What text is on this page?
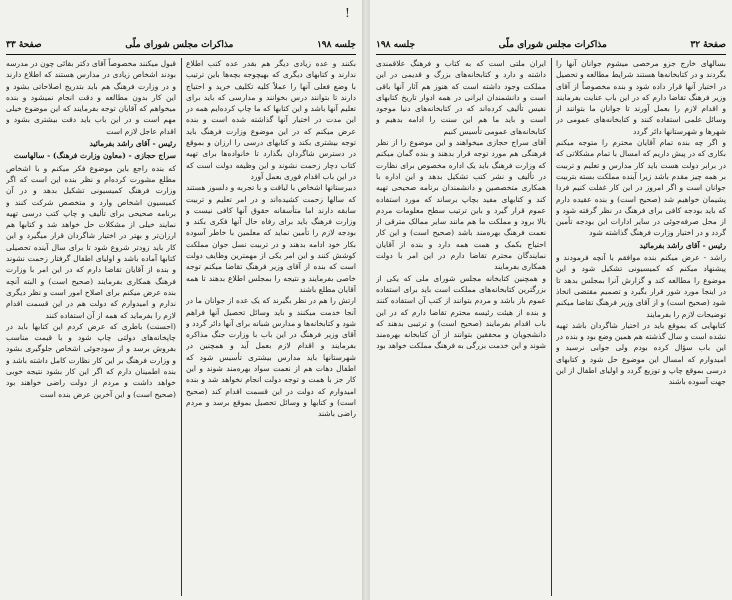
!
جلسه ۱۹۸
مذاکرات مجلس شورای ملّی
صفحهٔ ۳۳

بکنند و عده زیادی دیگر هم بقدر عده کتب اطلاع ندارند و کتابهای دیگری که بهیچوجه بچه‌ها باین ترتیب با وضع فعلی آنها را عملاً کلیه تکلیف خرید و احتیاج دارند تا بتوانند درس بخوانند و مدارسی که باید برای تعلیم آنها باشد و این کتابها که ما چاپ کرده‌ایم همه در این مدت در اختیار آنها گذاشته شده است و بنده عرض میکنم که در این موضوع وزارت فرهنگ باید توجه بیشتری بکند و کتابهای درسی را ارزان و بموقع در دسترس شاگردان بگذارد تا خانواده‌ها برای تهیه کتاب دچار زحمت نشوند و این وظیفه دولت است که در این باب اقدام فوری بعمل آورد

دبیرستانها اشخاص با لیاقت و با تجربه و دلسوز هستند که سالها زحمت کشیده‌اند و در امر تعلیم و تربیت سابقه دارند اما متأسفانه حقوق آنها کافی نیست و وزارت فرهنگ باید برای رفاه حال آنها فکری بکند و بودجه لازم را تأمین نماید که معلمین با خاطر آسوده بکار خود ادامه بدهند و در تربیت نسل جوان مملکت کوشش کنند و این امر یکی از مهمترین وظایف دولت است که بنده از آقای وزیر فرهنگ تقاضا میکنم توجه خاصی بفرمایند و نتیجه را بمجلس اطلاع بدهند تا همه آقایان مطلع باشند

ارتش را هم در نظر بگیرند که یک عده از جوانان ما در آنجا خدمت میکنند و باید وسائل تحصیل آنها فراهم شود و کتابخانه‌ها و مدارس شبانه برای آنها دائر گردد و آقای وزیر فرهنگ در این باب با وزارت جنگ مذاکره بفرمایند و اقدام لازم بعمل آید و همچنین در شهرستانها باید مدارس بیشتری تأسیس شود که اطفال دهات هم از نعمت سواد بهره‌مند شوند و این کار جز با همت و توجه دولت انجام نخواهد شد و بنده امیدوارم که دولت در این قسمت اقدام کند (صحیح است) و کتابها و وسائل تحصیل بموقع برسد و مردم راضی باشند

قبول میکنند مخصوصاً آقای دکتر بقائی چون در مدرسه بودند اشخاص زیادی در مدارس هستند که اطلاع دارند و در وزارت فرهنگ هم باید بتدریج اصلاحاتی بشود و این کار بدون مطالعه و دقت انجام نمیشود و بنده میخواهم که آقایان توجه بفرمایند که این موضوع خیلی مهم است و در این باب باید دقت بیشتری بشود و اقدام عاجل لازم است

رئیس - آقای راشد بفرمائید

سراج حجازی - (معاون وزارت فرهنگ) - سالهاست

که بنده راجع باین موضوع فکر میکنم و با اشخاص مطلع مشورت کرده‌ام و نظر بنده این است که اگر وزارت فرهنگ کمیسیونی تشکیل بدهد و در آن کمیسیون اشخاص وارد و متخصص شرکت کنند و برنامه صحیحی برای تألیف و چاپ کتب درسی تهیه نمایند خیلی از مشکلات حل خواهد شد و کتابها هم ارزان‌تر و بهتر در اختیار شاگردان قرار میگیرد و این کار باید زودتر شروع شود تا برای سال آینده تحصیلی کتابها آماده باشد و اولیای اطفال گرفتار زحمت نشوند و بنده از آقایان تقاضا دارم که در این امر با وزارت فرهنگ همکاری بفرمایند (صحیح است) و البته آنچه بنده عرض میکنم برای اصلاح امور است و نظر دیگری ندارم و امیدوارم که دولت هم در این قسمت اقدام لازم را بفرماید که همه از آن استفاده کنند

(احسنت) باطری که عرض کردم این کتابها باید در چاپخانه‌های دولتی چاپ شود و با قیمت مناسب بفروش برسد و از سودجوئی اشخاص جلوگیری بشود و وزارت فرهنگ بر این کار نظارت کامل داشته باشد و بنده اطمینان دارم که اگر این کار بشود نتیجه خوبی خواهد داشت و مردم از دولت راضی خواهند بود (صحیح است) و این آخرین عرض بنده است

صفحهٔ ۳۲
مذاکرات مجلس شورای ملّی
جلسه ۱۹۸

بسالهای خارج جزو مرخصی میشوم جوانان آنها را بگردند و در کتابخانه‌ها هستند شرایط مطالعه و تحصیل در اختیار آنها قرار داده شود و بنده مخصوصاً از آقای وزیر فرهنگ تقاضا دارم که در این باب عنایت بفرمایند و اقدام لازم را بعمل آورند تا جوانان ما بتوانند از وسائل علمی استفاده کنند و کتابخانه‌های عمومی در شهرها و شهرستانها دائر گردد

و اگر چه بنده تمام آقایان محترم را متوجه میکنم بکاری که در پیش داریم که امسال با تمام مشکلاتی که در برابر دولت هست باید کار مدارس و تعلیم و تربیت بر همه چیز مقدم باشد زیرا آینده مملکت بسته بتربیت جوانان است و اگر امروز در این کار غفلت کنیم فردا پشیمان خواهیم شد (صحیح است) و بنده عقیده دارم که باید بودجه کافی برای فرهنگ در نظر گرفته شود و از محل صرفه‌جوئی در سایر ادارات این بودجه تأمین گردد و در اختیار وزارت فرهنگ گذاشته شود

رئیس - آقای راشد بفرمائید

راشد - عرض میکنم بنده موافقم با آنچه فرمودند و پیشنهاد میکنم که کمیسیونی تشکیل شود و این موضوع را مطالعه کند و گزارش آنرا بمجلس بدهد تا در اینجا مورد شور قرار بگیرد و تصمیم مقتضی اتخاذ شود (صحیح است) و از آقای وزیر فرهنگ تقاضا میکنم توضیحات لازم را بفرمایند

کتابهایی که بموقع باید در اختیار شاگردان باشد تهیه نشده است و سال گذشته هم همین وضع بود و بنده در این باب سؤال کرده بودم ولی جوابی نرسید و امیدوارم که امسال این موضوع حل شود و کتابهای درسی بموقع چاپ و توزیع گردد و اولیای اطفال از این جهت آسوده باشند

ایران ملتی است که به کتاب و فرهنگ علاقمندی داشته و دارد و کتابخانه‌های بزرگ و قدیمی در این مملکت وجود داشته است که هنوز هم آثار آنها باقی است و دانشمندان ایرانی در همه ادوار تاریخ کتابهای نفیس تألیف کرده‌اند که در کتابخانه‌های دنیا موجود است و باید ما هم این سنت را ادامه بدهیم و کتابخانه‌های عمومی تأسیس کنیم

آقای سراج حجازی میخواهند و این موضوع را از نظر فرهنگی هم مورد توجه قرار بدهند و بنده گمان میکنم که وزارت فرهنگ باید یک اداره مخصوص برای نظارت در تألیف و نشر کتب تشکیل بدهد و این اداره با همکاری متخصصین و دانشمندان برنامه صحیحی تهیه کند و کتابهای مفید بچاپ برساند که مورد استفاده عموم قرار گیرد و باین ترتیب سطح معلومات مردم بالا برود و مملکت ما هم مانند سایر ممالک مترقی از نعمت فرهنگ بهره‌مند باشد (صحیح است) و این کار احتیاج بکمک و همت همه دارد و بنده از آقایان نمایندگان محترم تقاضا دارم در این امر با دولت همکاری بفرمایند

و همچنین کتابخانه مجلس شورای ملی که یکی از بزرگترین کتابخانه‌های مملکت است باید برای استفاده عموم باز باشد و مردم بتوانند از کتب آن استفاده کنند و بنده از هیئت رئیسه محترم تقاضا دارم که در این باب اقدام بفرمایند (صحیح است) و ترتیبی بدهند که دانشجویان و محققین بتوانند از آن کتابخانه بهره‌مند شوند و این خدمت بزرگی به فرهنگ مملکت خواهد بود
